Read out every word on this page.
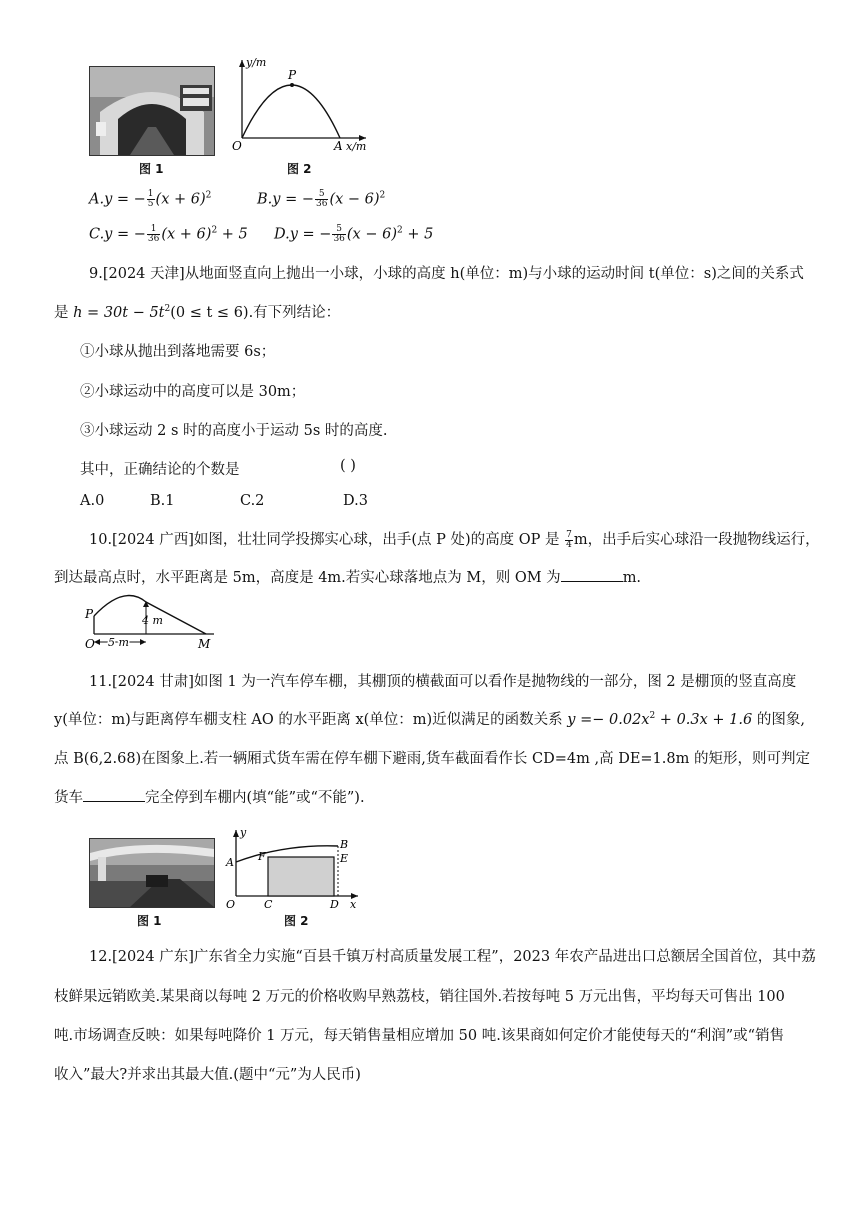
图 1
y/m
P
O	A x/m
图 2
A.y = − $\frac{1}{5} (x + 6)^2$	B.y = − $\frac{5}{36} (x - 6)^2$
C.y = − $\frac{1}{36} (x + 6)^2 + 5$ D.y = − $\frac{5}{36} (x - 6)^2 + 5$
9.[2024 天津]从地面竖直向上抛出一小球，小球的高度 h(单位：m)与小球的运动时间 t(单位：s)之间的关系式
是 $h = 30t - 5t^2(0 \le t \le 6)$.有下列结论：
①小球从抛出到落地需要 6s；
②小球运动中的高度可以是 30m；
③小球运动 2 s 时的高度小于运动 5s 时的高度.
其中，正确结论的个数是	( )
A.0	B.1	C.2	D.3
10.[2024 广西]如图，壮壮同学投掷实心球，出手(点 P 处)的高度 OP 是 $\frac{7}{4}$ m，出手后实心球沿一段抛物线运行，
到达最高点时，水平距离是 5m，高度是 4m.若实心球落地点为 M，则 OM 为	m.
P	4 m
O 5 m	M
11.[2024 甘肃]如图 1 为一汽车停车棚，其棚顶的横截面可以看作是抛物线的一部分，图 2 是棚顶的竖直高度
y(单位：m)与距离停车棚支柱 AO 的水平距离 x(单位：m)近似满足的函数关系 $y =- 0.02x^2 + 0.3x + 1.6$ 的图象,
点 B(6,2.68)在图象上.若一辆厢式货车需在停车棚下避雨,货车截面看作长 CD=4m ,高 DE=1.8m 的矩形，则可判定
货车	完全停到车棚内(填“能”或“不能”).
图 1
y
A F
B
E
O	C	D x
图 2
12.[2024 广东]广东省全力实施“百县千镇万村高质量发展工程”，2023 年农产品进出口总额居全国首位，其中荔
枝鲜果远销欧美.某果商以每吨 2 万元的价格收购早熟荔枝，销往国外.若按每吨 5 万元出售，平均每天可售出 100
吨.市场调查反映：如果每吨降价 1 万元，每天销售量相应增加 50 吨.该果商如何定价才能使每天的“利润”或“销售
收入”最大?并求出其最大值.(题中“元”为人民币)
